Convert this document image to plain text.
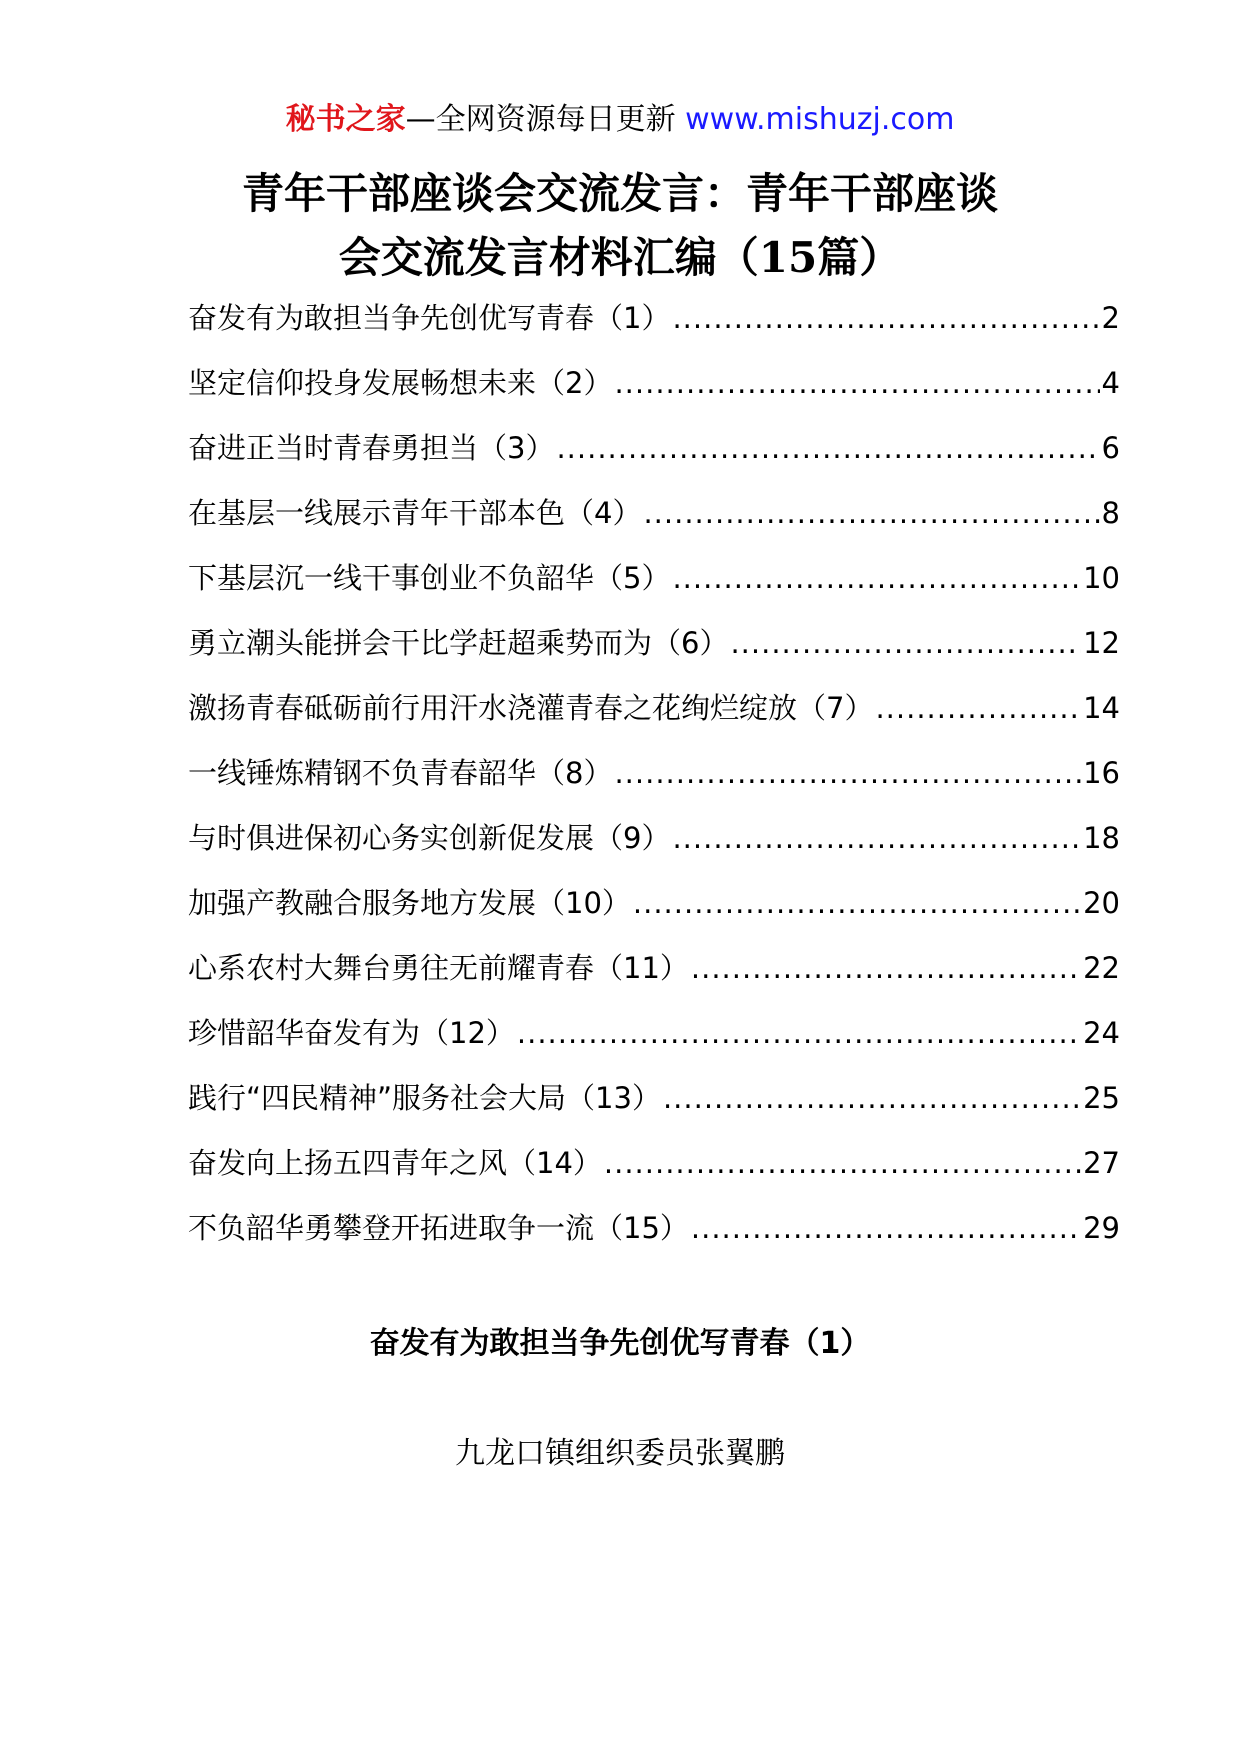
秘书之家—全网资源每日更新 www.mishuzj.com
青年干部座谈会交流发言：青年干部座谈
会交流发言材料汇编（15篇）
奋发有为敢担当争先创优写青春（1） .....	2
坚定信仰投身发展畅想未来（2） .....	4
奋进正当时青春勇担当（3） .....	6
在基层一线展示青年干部本色（4） .....	8
下基层沉一线干事创业不负韶华（5） .....	10
勇立潮头能拼会干比学赶超乘势而为（6） .....	12
激扬青春砥砺前行用汗水浇灌青春之花绚烂绽放（7） .....	14
一线锤炼精钢不负青春韶华（8） .....	16
与时俱进保初心务实创新促发展（9） .....	18
加强产教融合服务地方发展（10） .....	20
心系农村大舞台勇往无前耀青春（11） .....	22
珍惜韶华奋发有为（12） .....	24
践行“四民精神”服务社会大局（13） .....	25
奋发向上扬五四青年之风（14） .....	27
不负韶华勇攀登开拓进取争一流（15） .....	29
奋发有为敢担当争先创优写青春（1）
九龙口镇组织委员张翼鹏
